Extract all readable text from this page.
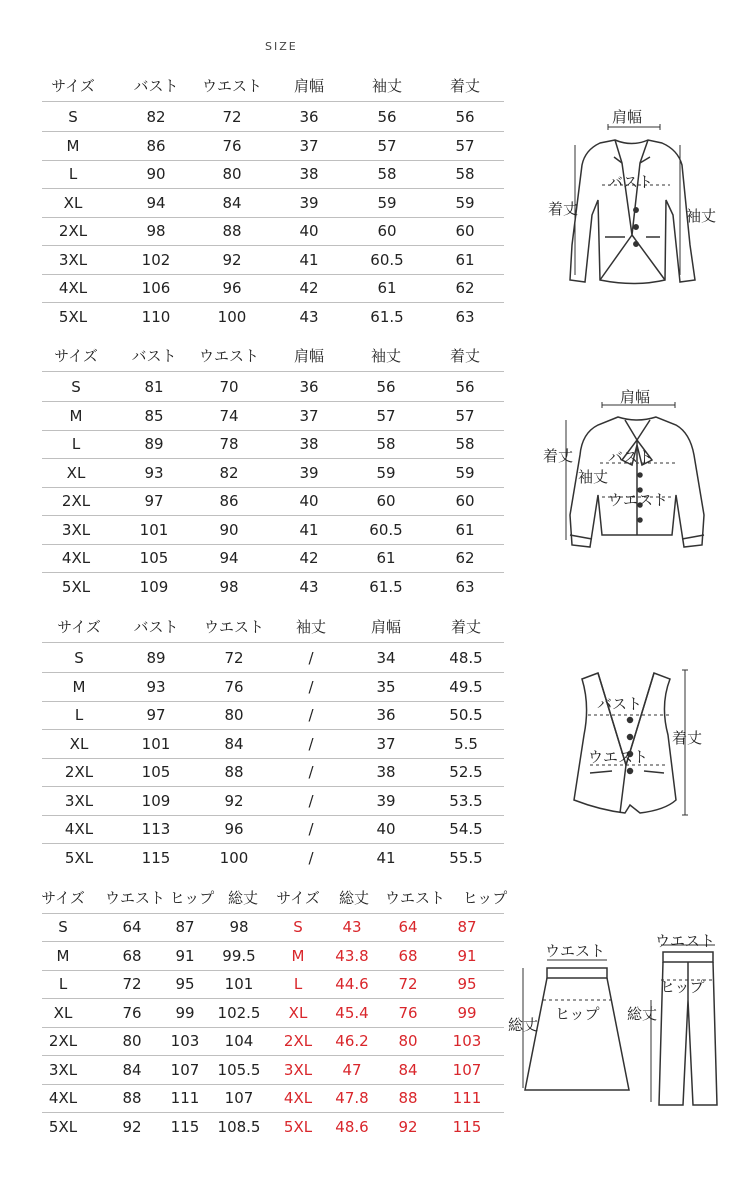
SIZE
サイズ	バスト ウエスト 肩幅	袖丈	着丈
S	82	72	36	56	56
M	86	76	37	57	57
L	90	80	38	58	58
XL	94	84	39	59	59
2XL	98	88	40	60	60
3XL	102	92	41	60.5	61
4XL	106	96	42	61	62
5XL	110	100	43	61.5	63
サイズ バスト ウエスト 肩幅	袖丈	着丈
S	81	70	36	56	56
M	85	74	37	57	57
L	89	78	38	58	58
XL	93	82	39	59	59
2XL	97	86	40	60	60
3XL	101	90	41	60.5	61
4XL	105	94	42	61	62
5XL	109	98	43	61.5	63
サイズ バスト ウエスト 袖丈	肩幅	着丈
S	89	72	/	34	48.5
M	93	76	/	35	49.5
L	97	80	/	36	50.5
XL	101	84	/	37	5.5
2XL	105	88	/	38	52.5
3XL	109	92	/	39	53.5
4XL	113	96	/	40	54.5
5XL	115	100	/	41	55.5
サイズ ウエスト ヒップ 総丈 サイズ 総丈 ウエスト ヒップ
S	64 87 98	S	43 64	87
M	68 91 99.5 M 43.8 68	91
L	72 95 101	L 44.6 72	95
XL	76 99 102.5 XL 45.4 76	99
2XL	80 103 104 2XL 46.2 80 103
3XL	84 107 105.5 3XL 47 84 107
4XL	88 111 107 4XL 47.8 88 111
5XL	92 115 108.5 5XL 48.6 92 115
肩幅
バスト
着丈	袖丈
肩幅
着丈 バスト
袖丈
ウエスト
バスト
ウエスト
着丈
ウエスト
ヒップ
総丈
ウエスト
ヒップ
総丈
